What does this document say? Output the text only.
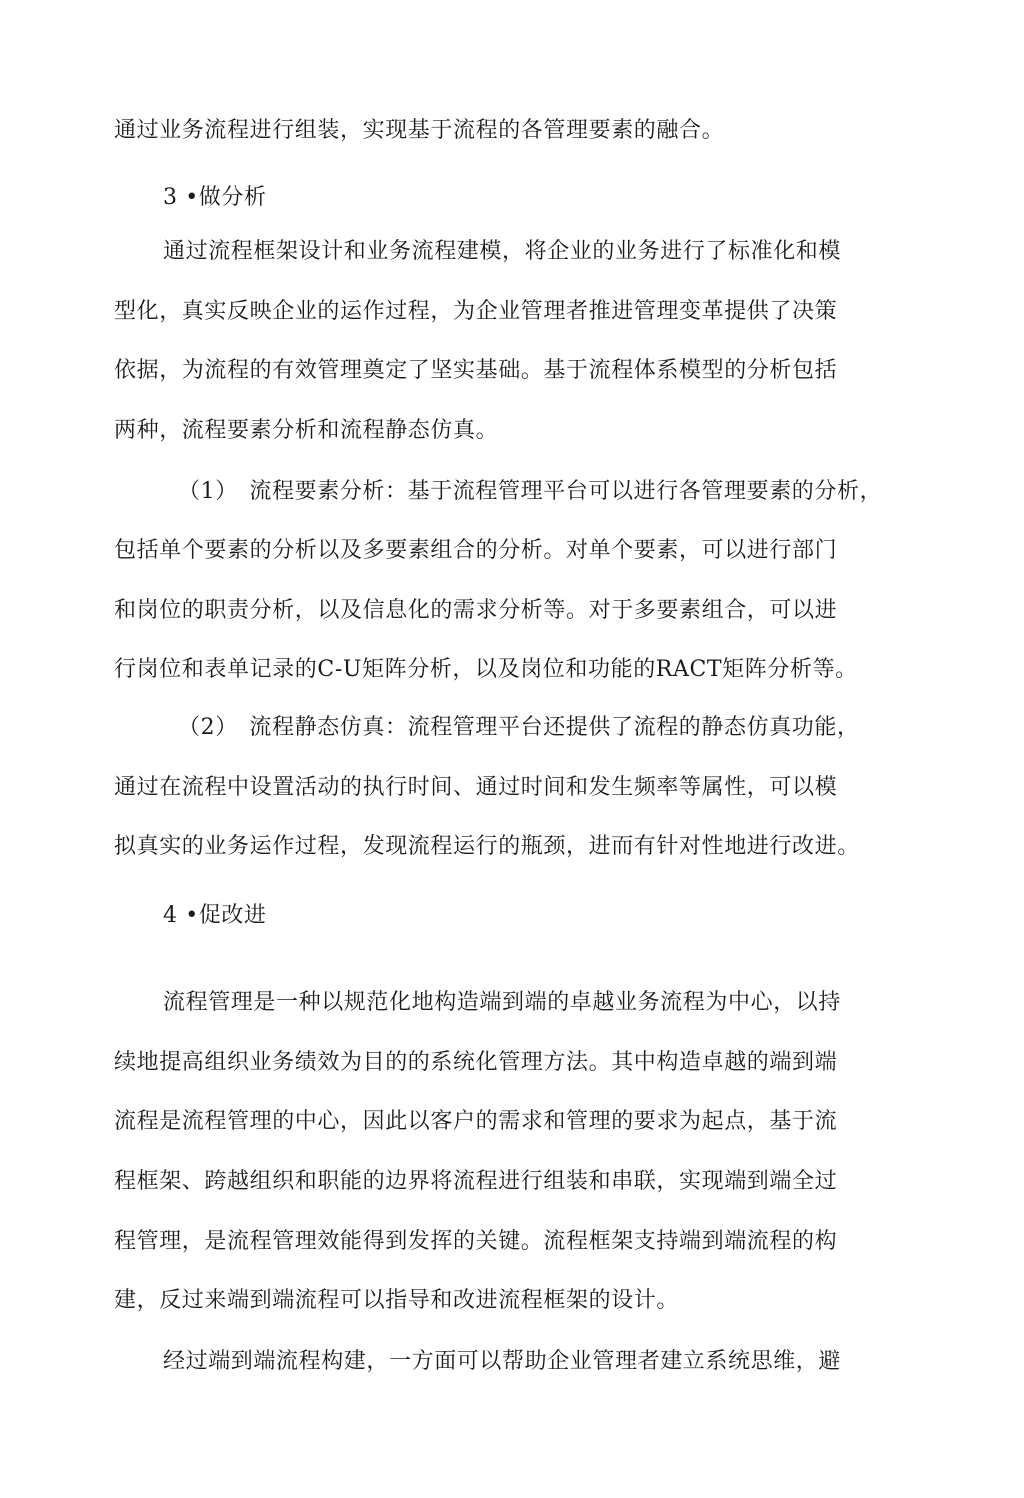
通过业务流程进行组装，实现基于流程的各管理要素的融合。
3 •做分析
通过流程框架设计和业务流程建模，将企业的业务进行了标准化和模
型化，真实反映企业的运作过程，为企业管理者推进管理变革提供了决策
依据，为流程的有效管理奠定了坚实基础。基于流程体系模型的分析包括
两种，流程要素分析和流程静态仿真。
（1）　流程要素分析：基于流程管理平台可以进行各管理要素的分析，
包括单个要素的分析以及多要素组合的分析。对单个要素，可以进行部门
和岗位的职责分析，以及信息化的需求分析等。对于多要素组合，可以进
行岗位和表单记录的C-U矩阵分析，以及岗位和功能的RACT矩阵分析等。
（2）　流程静态仿真：流程管理平台还提供了流程的静态仿真功能，
通过在流程中设置活动的执行时间、通过时间和发生频率等属性，可以模
拟真实的业务运作过程，发现流程运行的瓶颈，进而有针对性地进行改进。
4 •促改进
流程管理是一种以规范化地构造端到端的卓越业务流程为中心，以持
续地提高组织业务绩效为目的的系统化管理方法。其中构造卓越的端到端
流程是流程管理的中心，因此以客户的需求和管理的要求为起点，基于流
程框架、跨越组织和职能的边界将流程进行组装和串联，实现端到端全过
程管理，是流程管理效能得到发挥的关键。流程框架支持端到端流程的构
建，反过来端到端流程可以指导和改进流程框架的设计。
经过端到端流程构建，一方面可以帮助企业管理者建立系统思维，避
